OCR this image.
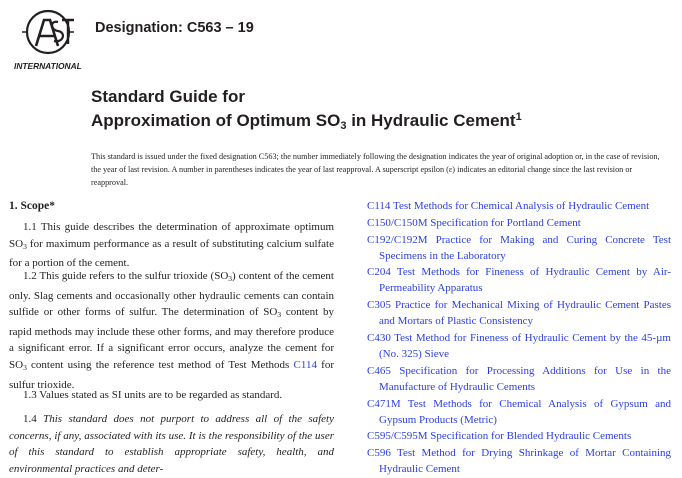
INTERNATIONAL

Designation: C563 – 19

Standard Guide for
Approximation of Optimum $SO_3$ in Hydraulic Cement$^1$

This standard is issued under the fixed designation C563; the number immediately following the designation indicates the year of original adoption or, in the case of revision, the year of last revision. A number in parentheses indicates the year of last reapproval. A superscript epsilon (ε) indicates an editorial change since the last revision or reapproval.

1. Scope*

1.1 This guide describes the determination of approximate optimum $SO_3$ for maximum performance as a result of substituting calcium sulfate for a portion of the cement.

1.2 This guide refers to the sulfur trioxide $(SO_3)$ content of the cement only. Slag cements and occasionally other hydraulic cements can contain sulfide or other forms of sulfur. The determination of $SO_3$ content by rapid methods may include these other forms, and may therefore produce a significant error. If a significant error occurs, analyze the cement for $SO_3$ content using the reference test method of Test Methods C114 for sulfur trioxide.

1.3 Values stated as SI units are to be regarded as standard.

1.4 This standard does not purport to address all of the safety concerns, if any, associated with its use. It is the responsibility of the user of this standard to establish appropriate safety, health, and environmental practices and deter-

C114 Test Methods for Chemical Analysis of Hydraulic Cement
C150/C150M Specification for Portland Cement
C192/C192M Practice for Making and Curing Concrete Test Specimens in the Laboratory
C204 Test Methods for Fineness of Hydraulic Cement by Air-Permeability Apparatus
C305 Practice for Mechanical Mixing of Hydraulic Cement Pastes and Mortars of Plastic Consistency
C430 Test Method for Fineness of Hydraulic Cement by the 45-µm (No. 325) Sieve
C465 Specification for Processing Additions for Use in the Manufacture of Hydraulic Cements
C471M Test Methods for Chemical Analysis of Gypsum and Gypsum Products (Metric)
C595/C595M Specification for Blended Hydraulic Cements
C596 Test Method for Drying Shrinkage of Mortar Containing Hydraulic Cement
